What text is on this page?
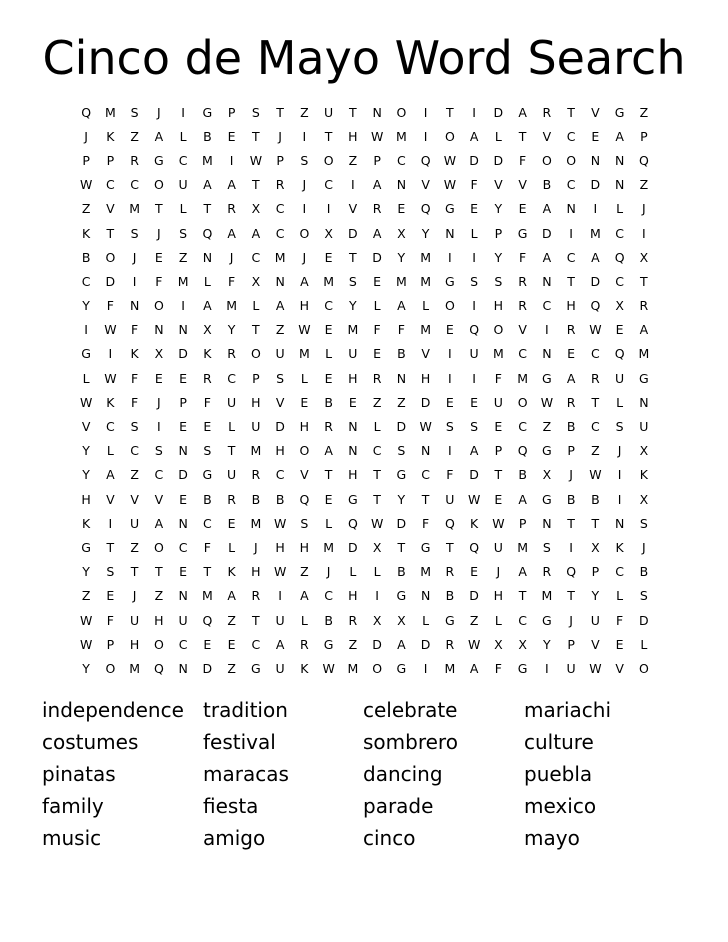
Cinco de Mayo Word Search
Q	M	S	J	I	G	P	S	T	Z	U	T	N	O	I	T	I	D	A	R	T	V	G	Z
J	K	Z	A	L	B	E	T	J	I	T	H	W	M	I	O	A	L	T	V	C	E	A	P
P	P	R	G	C	M	I	W	P	S	O	Z	P	C	Q	W	D	D	F	O	O	N	N	Q
W	C	C	O	U	A	A	T	R	J	C	I	A	N	V	W	F	V	V	B	C	D	N	Z
Z	V	M	T	L	T	R	X	C	I	I	V	R	E	Q	G	E	Y	E	A	N	I	L	J
K	T	S	J	S	Q	A	A	C	O	X	D	A	X	Y	N	L	P	G	D	I	M	C	I
B	O	J	E	Z	N	J	C	M	J	E	T	D	Y	M	I	I	Y	F	A	C	A	Q	X
C	D	I	F	M	L	F	X	N	A	M	S	E	M	M	G	S	S	R	N	T	D	C	T
Y	F	N	O	I	A	M	L	A	H	C	Y	L	A	L	O	I	H	R	C	H	Q	X	R
I	W	F	N	N	X	Y	T	Z	W	E	M	F	F	M	E	Q	O	V	I	R	W	E	A
G	I	K	X	D	K	R	O	U	M	L	U	E	B	V	I	U	M	C	N	E	C	Q	M
L	W	F	E	E	R	C	P	S	L	E	H	R	N	H	I	I	F	M	G	A	R	U	G
W	K	F	J	P	F	U	H	V	E	B	E	Z	Z	D	E	E	U	O	W	R	T	L	N
V	C	S	I	E	E	L	U	D	H	R	N	L	D	W	S	S	E	C	Z	B	C	S	U
Y	L	C	S	N	S	T	M	H	O	A	N	C	S	N	I	A	P	Q	G	P	Z	J	X
Y	A	Z	C	D	G	U	R	C	V	T	H	T	G	C	F	D	T	B	X	J	W	I	K
H	V	V	V	E	B	R	B	B	Q	E	G	T	Y	T	U	W	E	A	G	B	B	I	X
K	I	U	A	N	C	E	M	W	S	L	Q	W	D	F	Q	K	W	P	N	T	T	N	S
G	T	Z	O	C	F	L	J	H	H	M	D	X	T	G	T	Q	U	M	S	I	X	K	J
Y	S	T	T	E	T	K	H	W	Z	J	L	L	B	M	R	E	J	A	R	Q	P	C	B
Z	E	J	Z	N	M	A	R	I	A	C	H	I	G	N	B	D	H	T	M	T	Y	L	S
W	F	U	H	U	Q	Z	T	U	L	B	R	X	X	L	G	Z	L	C	G	J	U	F	D
W	P	H	O	C	E	E	C	A	R	G	Z	D	A	D	R	W	X	X	Y	P	V	E	L
Y	O	M	Q	N	D	Z	G	U	K	W	M	O	G	I	M	A	F	G	I	U	W	V	O
independence tradition	celebrate	mariachi
costumes	festival	sombrero	culture
pinatas	maracas	dancing	puebla
family	fiesta	parade	mexico
music	amigo	cinco	mayo
